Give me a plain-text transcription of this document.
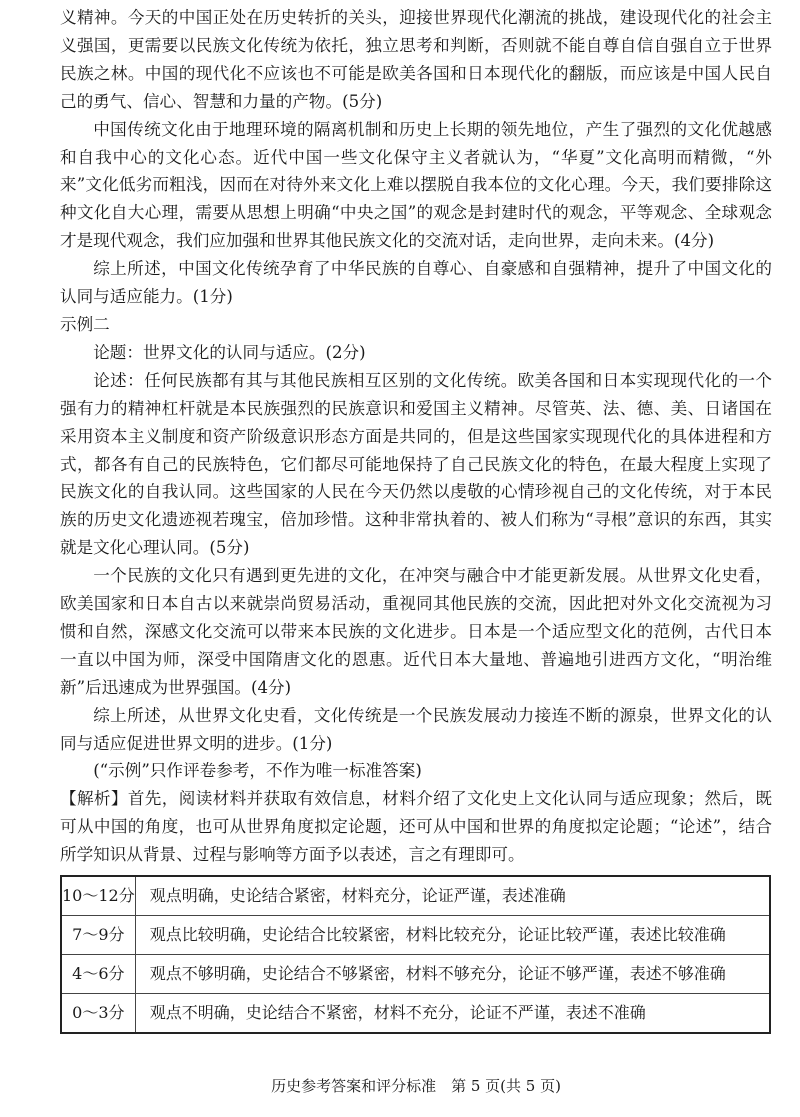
义精神。今天的中国正处在历史转折的关头，迎接世界现代化潮流的挑战，建设现代化的社会主义强国，更需要以民族文化传统为依托，独立思考和判断，否则就不能自尊自信自强自立于世界民族之林。中国的现代化不应该也不可能是欧美各国和日本现代化的翻版，而应该是中国人民自己的勇气、信心、智慧和力量的产物。(5分)

中国传统文化由于地理环境的隔离机制和历史上长期的领先地位，产生了强烈的文化优越感和自我中心的文化心态。近代中国一些文化保守主义者就认为，“华夏”文化高明而精微，“外来”文化低劣而粗浅，因而在对待外来文化上难以摆脱自我本位的文化心理。今天，我们要排除这种文化自大心理，需要从思想上明确“中央之国”的观念是封建时代的观念，平等观念、全球观念才是现代观念，我们应加强和世界其他民族文化的交流对话，走向世界，走向未来。(4分)

综上所述，中国文化传统孕育了中华民族的自尊心、自豪感和自强精神，提升了中国文化的认同与适应能力。(1分)

示例二

论题：世界文化的认同与适应。(2分)

论述：任何民族都有其与其他民族相互区别的文化传统。欧美各国和日本实现现代化的一个强有力的精神杠杆就是本民族强烈的民族意识和爱国主义精神。尽管英、法、德、美、日诸国在采用资本主义制度和资产阶级意识形态方面是共同的，但是这些国家实现现代化的具体进程和方式，都各有自己的民族特色，它们都尽可能地保持了自己民族文化的特色，在最大程度上实现了民族文化的自我认同。这些国家的人民在今天仍然以虔敬的心情珍视自己的文化传统，对于本民族的历史文化遗迹视若瑰宝，倍加珍惜。这种非常执着的、被人们称为“寻根”意识的东西，其实就是文化心理认同。(5分)

一个民族的文化只有遇到更先进的文化，在冲突与融合中才能更新发展。从世界文化史看，欧美国家和日本自古以来就崇尚贸易活动，重视同其他民族的交流，因此把对外文化交流视为习惯和自然，深感文化交流可以带来本民族的文化进步。日本是一个适应型文化的范例，古代日本一直以中国为师，深受中国隋唐文化的恩惠。近代日本大量地、普遍地引进西方文化，“明治维新”后迅速成为世界强国。(4分)

综上所述，从世界文化史看，文化传统是一个民族发展动力接连不断的源泉，世界文化的认同与适应促进世界文明的进步。(1分)

(“示例”只作评卷参考，不作为唯一标准答案)

【解析】首先，阅读材料并获取有效信息，材料介绍了文化史上文化认同与适应现象；然后，既可从中国的角度，也可从世界角度拟定论题，还可从中国和世界的角度拟定论题；“论述”，结合所学知识从背景、过程与影响等方面予以表述，言之有理即可。

10～12分	观点明确，史论结合紧密，材料充分，论证严谨，表述准确
7～9分	观点比较明确，史论结合比较紧密，材料比较充分，论证比较严谨，表述比较准确
4～6分	观点不够明确，史论结合不够紧密，材料不够充分，论证不够严谨，表述不够准确
0～3分	观点不明确，史论结合不紧密，材料不充分，论证不严谨，表述不准确
历史参考答案和评分标准　第 5 页(共 5 页)
